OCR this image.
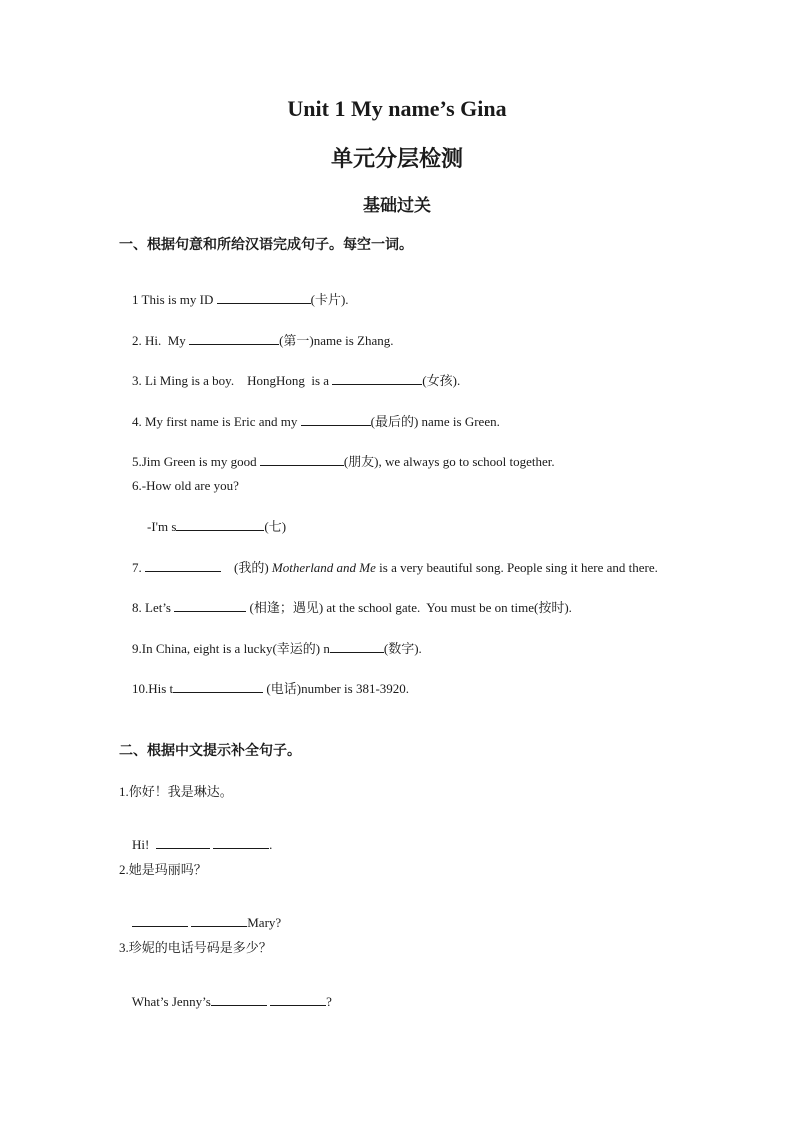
Unit 1 My name’s Gina
单元分层检测
基础过关
一、根据句意和所给汉语完成句子。每空一词。

1 This is my ID	(卡片).

2. Hi.  My	(第一)name is Zhang.

3. Li Ming is a boy.    HongHong  is a	(女孩).

4. My first name is Eric and my	(最后的) name is Green.

5.Jim Green is my good	(朋友), we always go to school together.

6.-How old are you?

-I'm s	(七)

7.	(我的) Motherland and Me is a very beautiful song. People sing it here and there.

8. Let’s	(相逢；遇见) at the school gate.  You must be on time(按时).

9.In China, eight is a lucky(幸运的) n	(数字).

10.His t	(电话)number is 381-3920.

二、根据中文提示补全句子。
1.你好！我是琳达。

Hi!	.

2.她是玛丽吗？

Mary?

3.珍妮的电话号码是多少？

What’s Jenny’s	?
